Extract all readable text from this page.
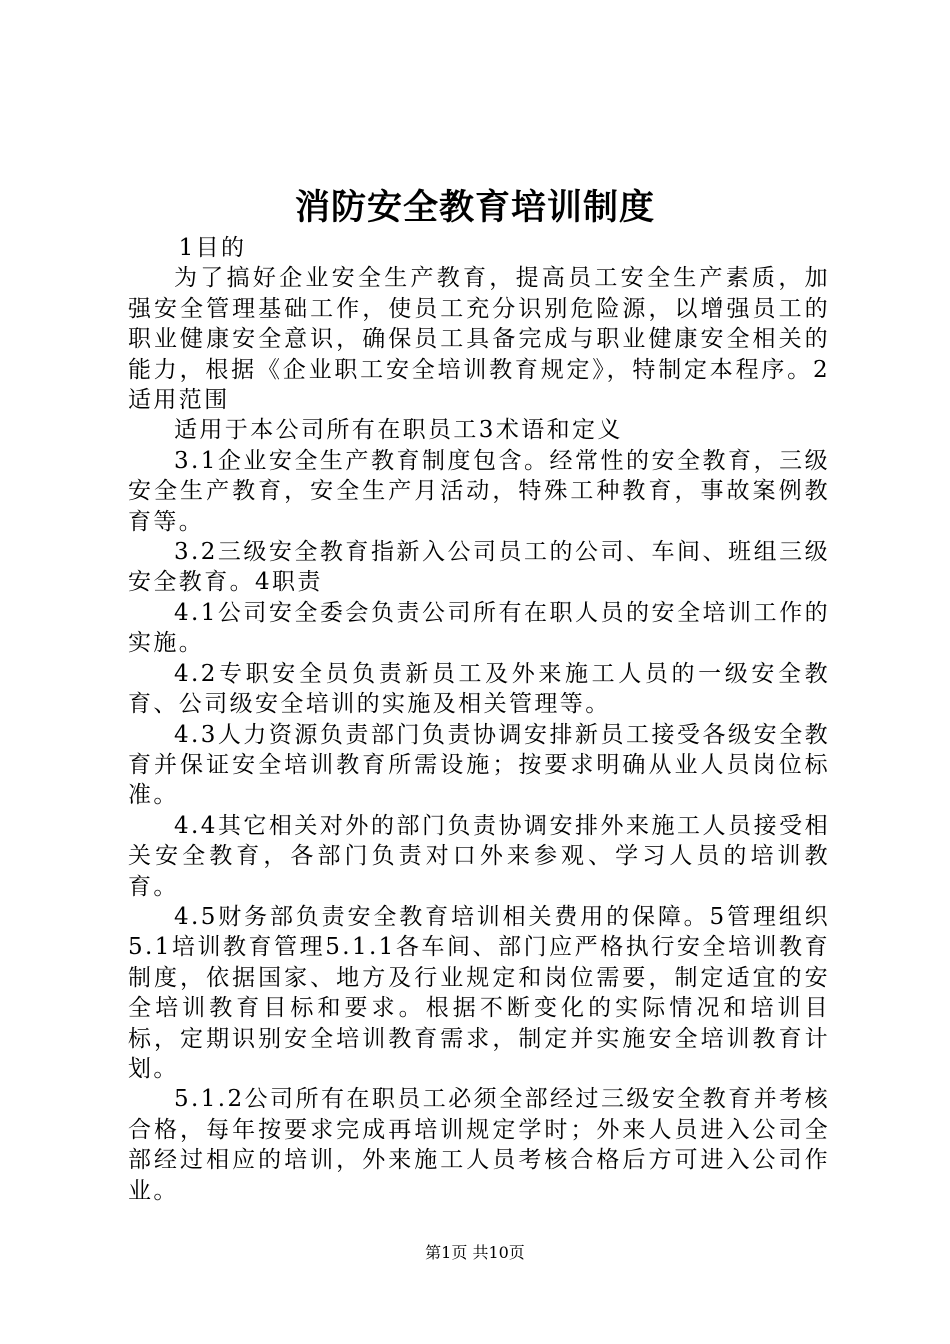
消防安全教育培训制度

1目的

为了搞好企业安全生产教育，提高员工安全生产素质，加强安全管理基础工作，使员工充分识别危险源，以增强员工的职业健康安全意识，确保员工具备完成与职业健康安全相关的能力，根据《企业职工安全培训教育规定》，特制定本程序。2适用范围

适用于本公司所有在职员工3术语和定义

3.1企业安全生产教育制度包含。经常性的安全教育，三级安全生产教育，安全生产月活动，特殊工种教育，事故案例教育等。

3.2三级安全教育指新入公司员工的公司、车间、班组三级安全教育。4职责

4.1公司安全委会负责公司所有在职人员的安全培训工作的实施。

4.2专职安全员负责新员工及外来施工人员的一级安全教育、公司级安全培训的实施及相关管理等。

4.3人力资源负责部门负责协调安排新员工接受各级安全教育并保证安全培训教育所需设施；按要求明确从业人员岗位标准。

4.4其它相关对外的部门负责协调安排外来施工人员接受相关安全教育，各部门负责对口外来参观、学习人员的培训教育。

4.5财务部负责安全教育培训相关费用的保障。5管理组织5.1培训教育管理5.1.1各车间、部门应严格执行安全培训教育制度，依据国家、地方及行业规定和岗位需要，制定适宜的安全培训教育目标和要求。根据不断变化的实际情况和培训目标，定期识别安全培训教育需求，制定并实施安全培训教育计划。

5.1.2公司所有在职员工必须全部经过三级安全教育并考核合格，每年按要求完成再培训规定学时；外来人员进入公司全部经过相应的培训，外来施工人员考核合格后方可进入公司作业。

第1页 共10页
